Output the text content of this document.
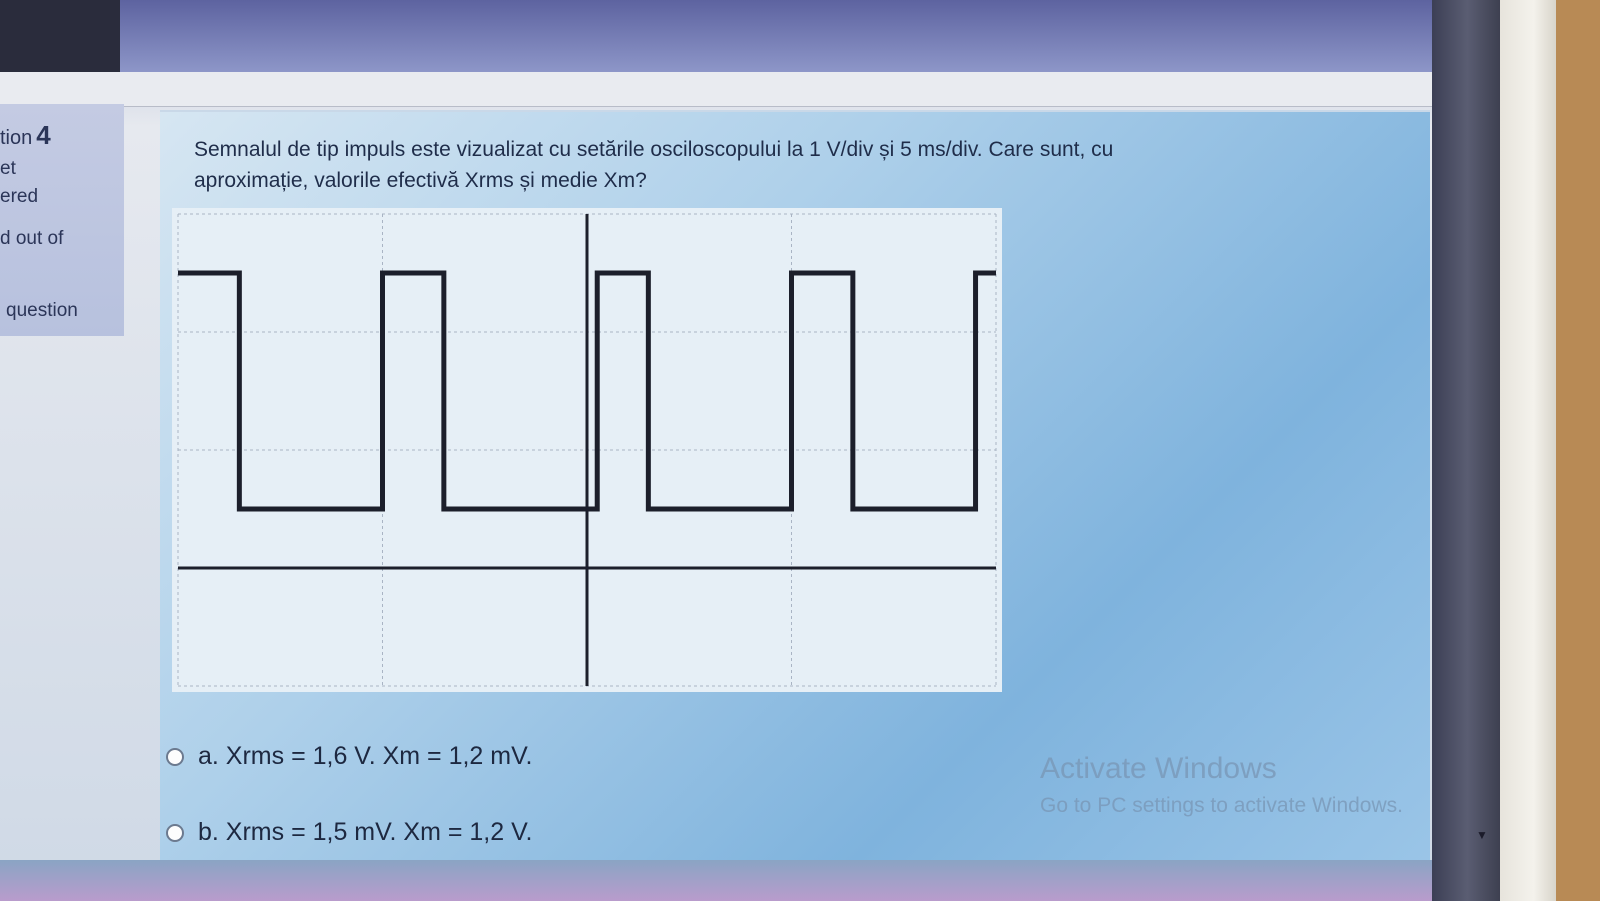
tion 4
et
ered
d out of
question
Semnalul de tip impuls este vizualizat cu setările osciloscopului la 1 V/div și 5 ms/div. Care sunt, cu aproximație, valorile efectivă Xrms și medie Xm?
a. Xrms = 1,6 V. Xm = 1,2 mV.
b. Xrms = 1,5 mV. Xm = 1,2 V.
Activate Windows
Go to PC settings to activate Windows.
▼
